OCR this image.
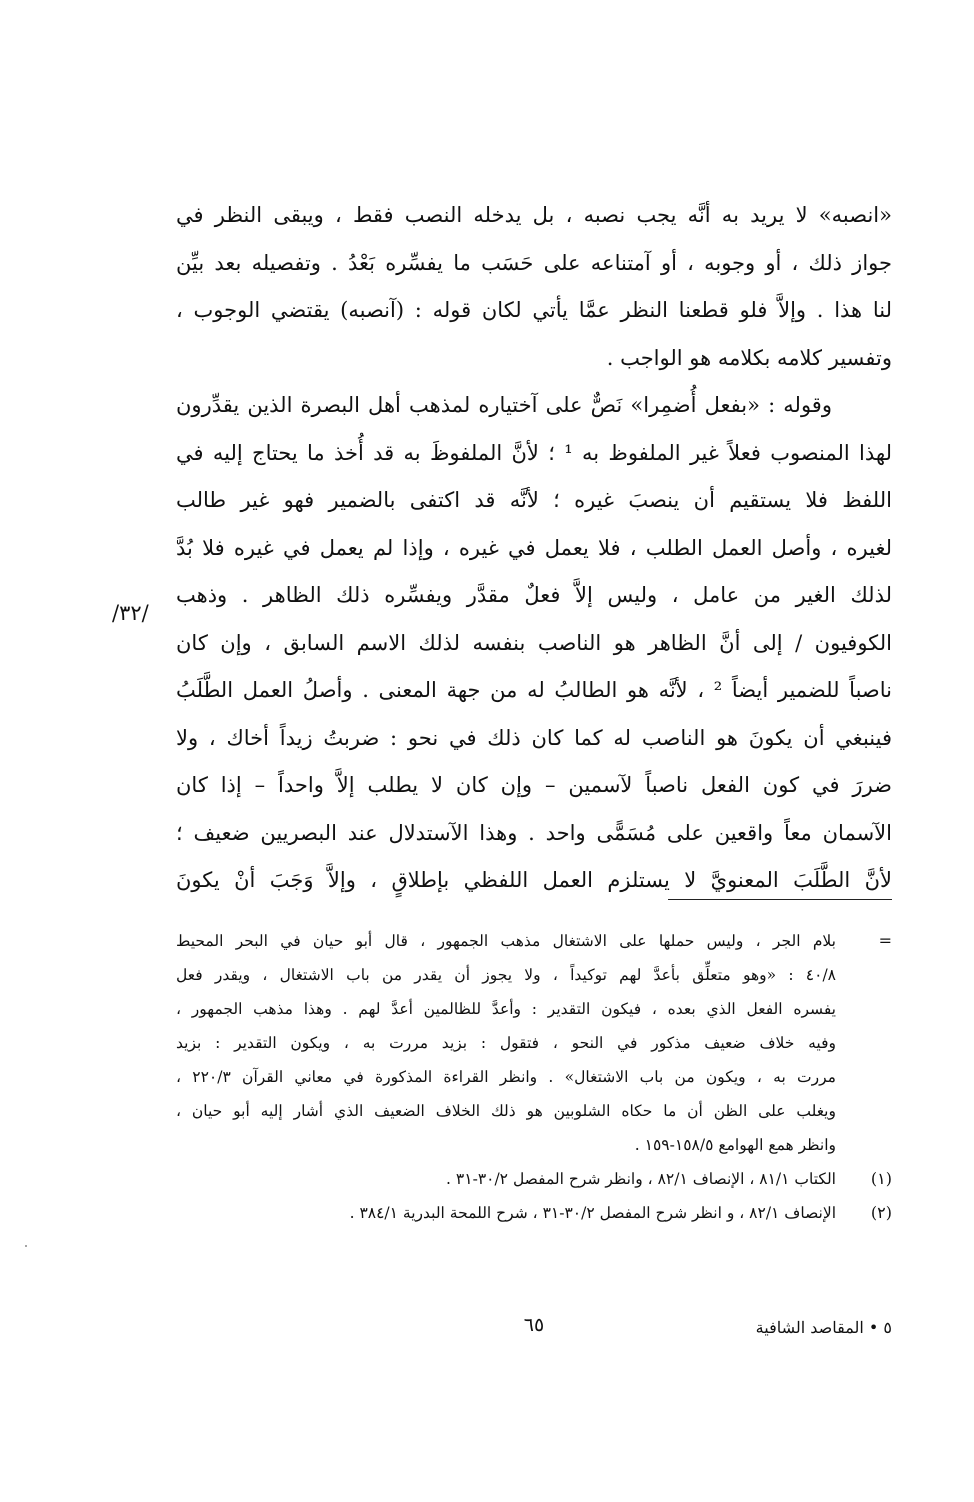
«انصبه» لا يريد به أنَّه يجب نصبه ، بل يدخله النصب فقط ، ويبقى النظر في
جواز ذلك ، أو وجوبه ، أو آمتناعه على حَسَب ما يفسِّره بَعْدُ . وتفصيله بعد بيِّن
لنا هذا . وإلاَّ فلو قطعنا النظر عمَّا يأتي لكان قوله : (آنصبه) يقتضي الوجوب ،
وتفسير كلامه بكلامه هو الواجب .
وقوله : «بفعل أُضمِرا» نَصٌّ على آختياره لمذهب أهل البصرة الذين يقدِّرون
لهذا المنصوب فعلاً غير الملفوظ به ¹ ؛ لأنَّ الملفوظَ به قد أُخذ ما يحتاج إليه في
اللفظ فلا يستقيم أن ينصبَ غيره ؛ لأنَّه قد اكتفى بالضمير فهو غير طالب
لغيره ، وأصل العمل الطلب ، فلا يعمل في غيره ، وإذا لم يعمل في غيره فلا بُدَّ
لذلك الغير من عامل ، وليس إلاَّ فعلٌ مقدَّر ويفسِّره ذلك الظاهر . وذهب
الكوفيون / إلى أنَّ الظاهر هو الناصب بنفسه لذلك الاسم السابق ، وإن كان
ناصباً للضمير أيضاً ² ، لأنَّه هو الطالبُ له من جهة المعنى . وأصلُ العمل الطَّلَبُ
فينبغي أن يكونَ هو الناصب له كما كان ذلك في نحو : ضربتُ زيداً أخاك ، ولا
ضررَ في كون الفعل ناصباً لآسمين – وإن كان لا يطلب إلاَّ واحداً – إذا كان
الآسمان معاً واقعين على مُسَمًّى واحد . وهذا الآستدلال عند البصريين ضعيف ؛
لأنَّ الطَّلَبَ المعنويَّ لا يستلزم العمل اللفظي بإطلاقٍ ، وإلاَّ وَجَبَ أنْ يكونَ
/٣٢/
=
بلام الجر ، وليس حملها على الاشتغال مذهب الجمهور ، قال أبو حيان في البحر المحيط
٤٠/٨ : «وهو متعلِّق بأعدَّ لهم توكيداً ، ولا يجوز أن يقدر من باب الاشتغال ، ويقدر فعل
يفسره الفعل الذي بعده ، فيكون التقدير : وأعدَّ للظالمين أعدَّ لهم . وهذا مذهب الجمهور ،
وفيه خلاف ضعيف مذكور في النحو ، فتقول : بزيد مررت به ، ويكون التقدير : بزيد
مررت به ، ويكون من باب الاشتغال» . وانظر القراءة المذكورة في معاني القرآن ٢٢٠/٣ ،
ويغلب على الظن أن ما حكاه الشلوبين هو ذلك الخلاف الضعيف الذي أشار إليه أبو حيان ،
وانظر همع الهوامع ١٥٨/٥-١٥٩ .
(١)
الكتاب ٨١/١ ، الإنصاف ٨٢/١ ، وانظر شرح المفصل ٣٠/٢-٣١ .
(٢)
الإنصاف ٨٢/١ ، و انظر شرح المفصل ٣٠/٢-٣١ ، شرح اللمحة البدرية ٣٨٤/١ .
٥ • المقاصد الشافية
٦٥
